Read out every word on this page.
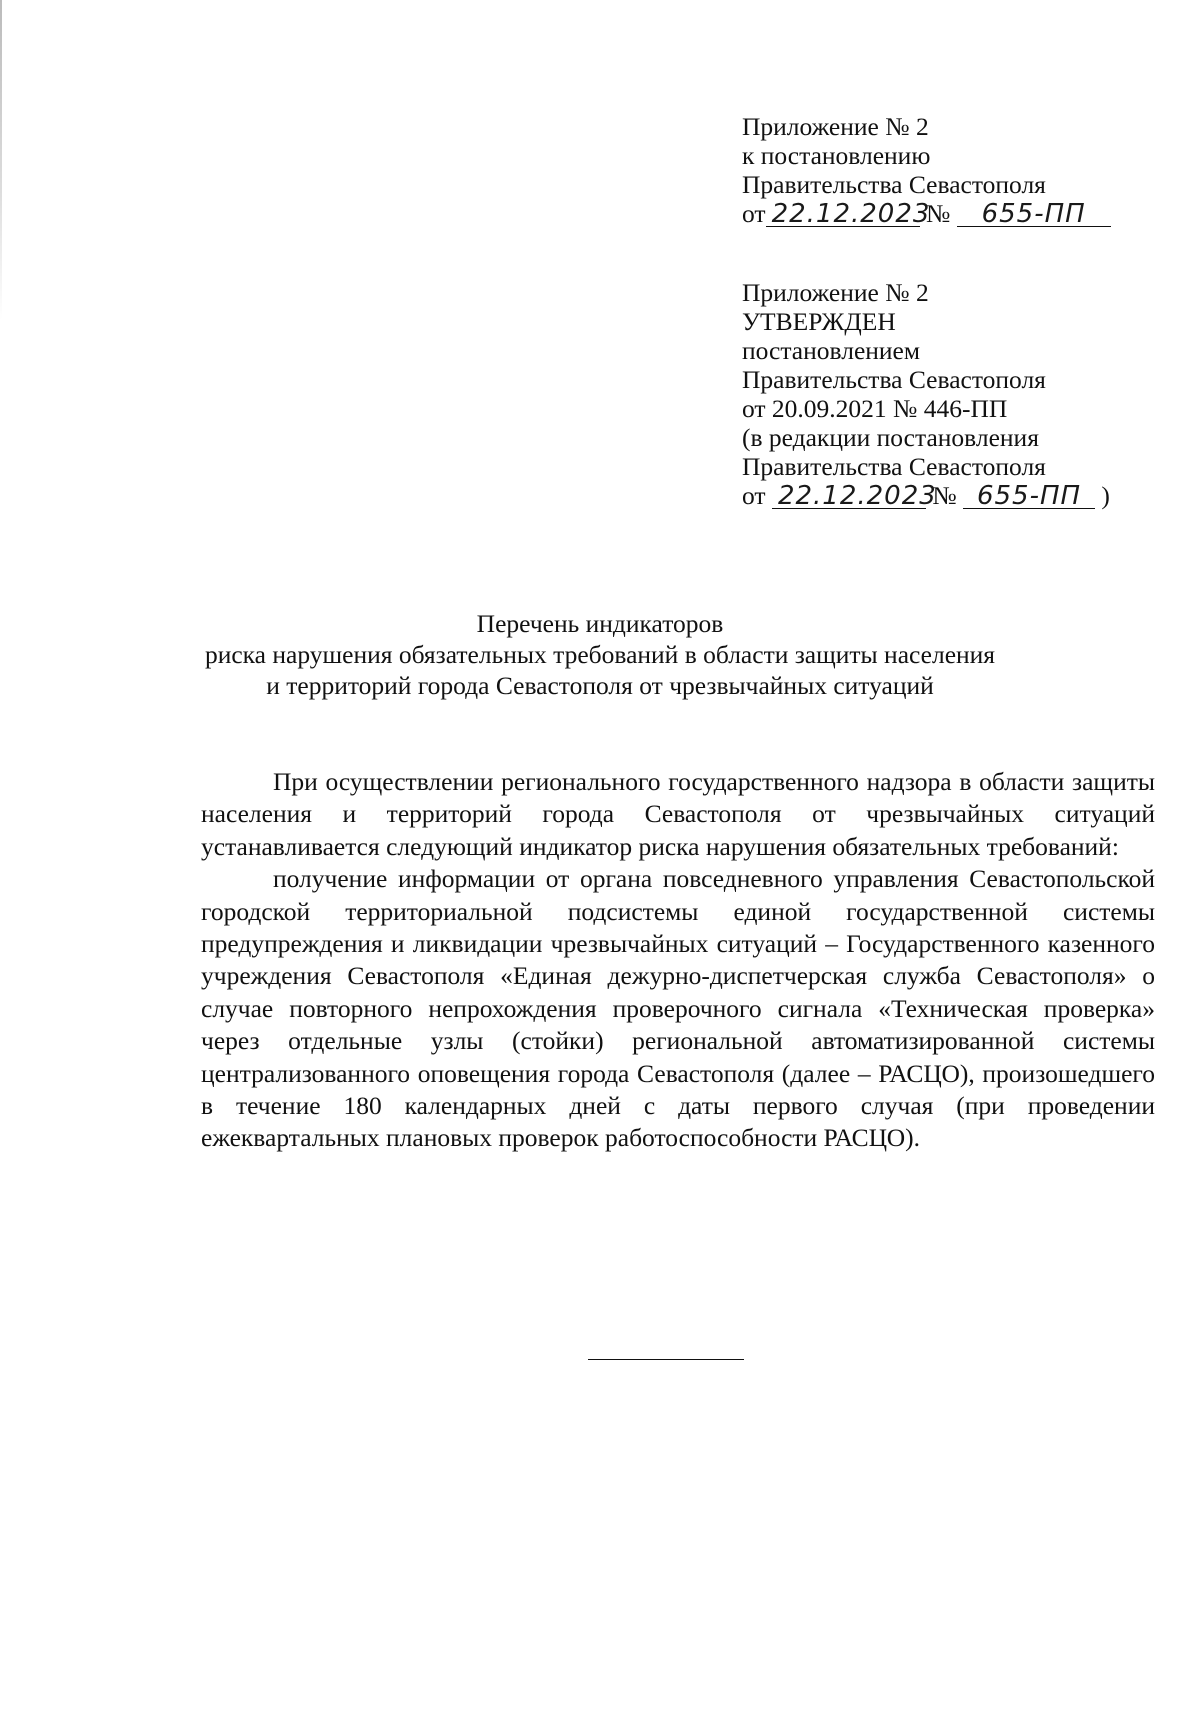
Приложение № 2
к постановлению
Правительства Севастополя
от 22.12.2023 № 655-ПП
Приложение № 2
УТВЕРЖДЕН
постановлением
Правительства Севастополя
от 20.09.2021 № 446-ПП
(в редакции постановления
Правительства Севастополя
от 22.12.2023 № 655-ПП )
Перечень индикаторов
риска нарушения обязательных требований в области защиты населения
и территорий города Севастополя от чрезвычайных ситуаций

При осуществлении регионального государственного надзора в области защиты населения и территорий города Севастополя от чрезвычайных ситуаций устанавливается следующий индикатор риска нарушения обязательных требований:

получение информации от органа повседневного управления Севастопольской городской территориальной подсистемы единой государственной системы предупреждения и ликвидации чрезвычайных ситуаций – Государственного казенного учреждения Севастополя «Единая дежурно-диспетчерская служба Севастополя» о случае повторного непрохождения проверочного сигнала «Техническая проверка» через отдельные узлы (стойки) региональной автоматизированной системы централизованного оповещения города Севастополя (далее – РАСЦО), произошедшего в течение 180 календарных дней с даты первого случая (при проведении ежеквартальных плановых проверок работоспособности РАСЦО).
